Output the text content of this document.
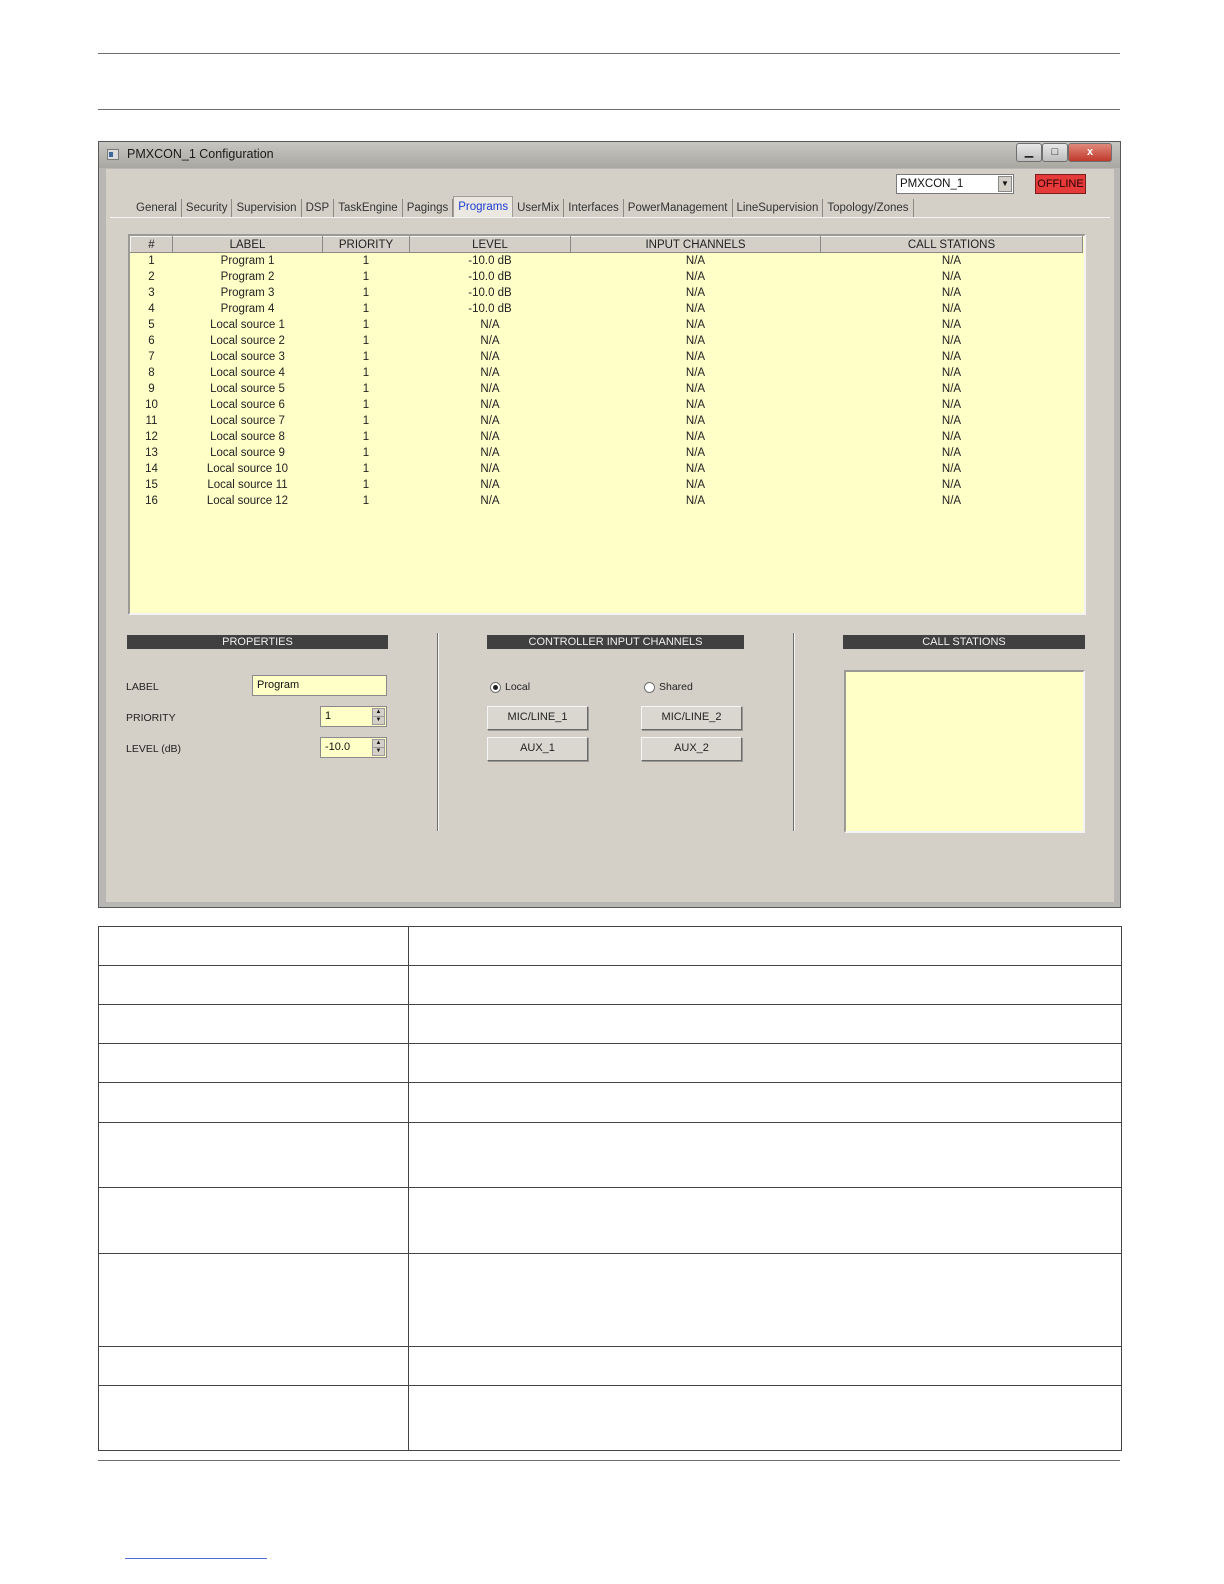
PMXCON_1 Configuration	▁	□	x
PMXCON_1	▼	OFFLINE
General Security Supervision DSP TaskEngine Pagings Programs UserMix Interfaces PowerManagement LineSupervision Topology/Zones
#	LABEL	PRIORITY	LEVEL	INPUT CHANNELS	CALL STATIONS
1	Program 1	1	-10.0 dB	N/A	N/A
2	Program 2	1	-10.0 dB	N/A	N/A
3	Program 3	1	-10.0 dB	N/A	N/A
4	Program 4	1	-10.0 dB	N/A	N/A
5	Local source 1	1	N/A	N/A	N/A
6	Local source 2	1	N/A	N/A	N/A
7	Local source 3	1	N/A	N/A	N/A
8	Local source 4	1	N/A	N/A	N/A
9	Local source 5	1	N/A	N/A	N/A
10	Local source 6	1	N/A	N/A	N/A
11	Local source 7	1	N/A	N/A	N/A
12	Local source 8	1	N/A	N/A	N/A
13	Local source 9	1	N/A	N/A	N/A
14	Local source 10	1	N/A	N/A	N/A
15	Local source 11	1	N/A	N/A	N/A
16	Local source 12	1	N/A	N/A	N/A
PROPERTIES
LABEL	Program
PRIORITY	1	▲
▼
LEVEL (dB)	-10.0	▲
▼
CONTROLLER INPUT CHANNELS
Local	Shared
MIC/LINE_1	MIC/LINE_2
AUX_1	AUX_2
CALL STATIONS
